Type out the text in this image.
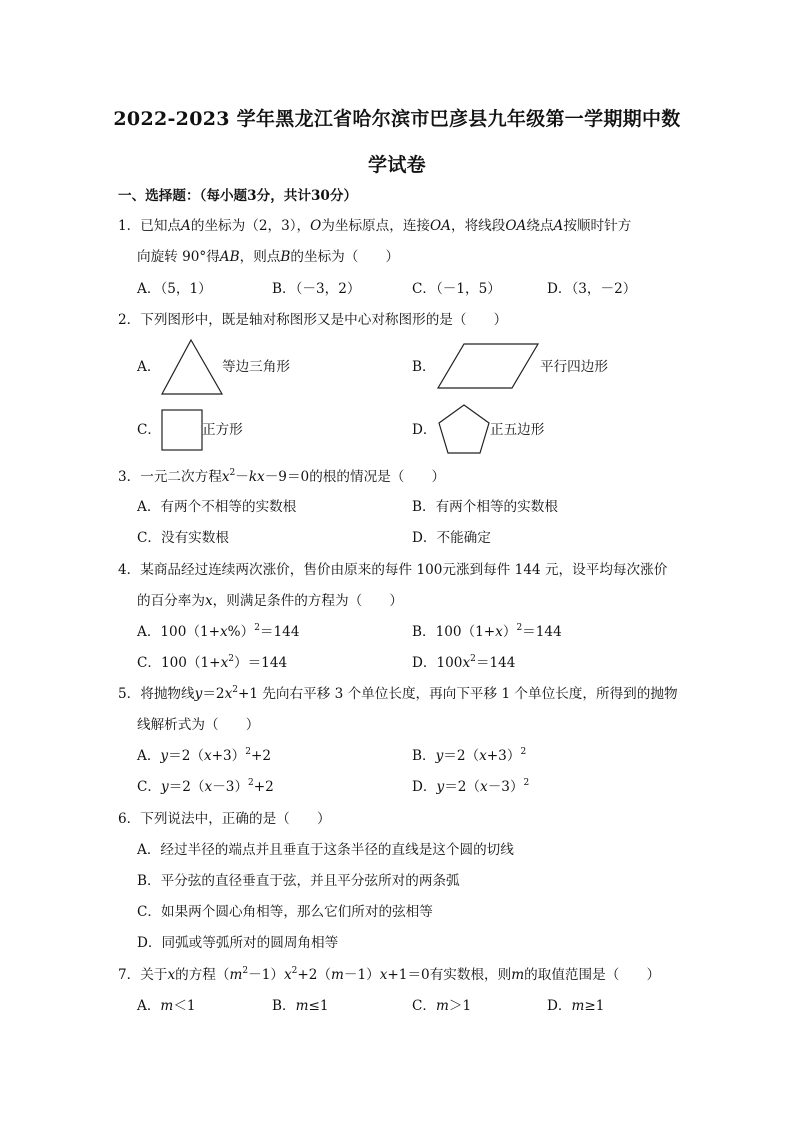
2022-2023 学年黑龙江省哈尔滨市巴彦县九年级第一学期期中数
学试卷
一、选择题：（每小题3分，共计30分）
1．已知点A的坐标为（2，3），O为坐标原点，连接OA，将线段OA绕点A按顺时针方
向旋转 90°得AB，则点B的坐标为（　　）
A．（5，1）	B．（－3，2）	C．（－1，5）	D．（3，－2）
2．下列图形中，既是轴对称图形又是中心对称图形的是（　　）
A．	等边三角形	B．	平行四边形
C．	正方形	D．	正五边形
3．一元二次方程$x^2-kx-9=0$的根的情况是（　　）
A．有两个不相等的实数根	B．有两个相等的实数根
C．没有实数根	D．不能确定
4．某商品经过连续两次涨价，售价由原来的每件 100元涨到每件 144 元，设平均每次涨价
的百分率为x，则满足条件的方程为（　　）
A．$100(1+x\%)^2=144$	B．$100(1+x)^2=144$
C．$100(1+x^2)=144$	D．$100x^2=144$
5．将抛物线$y=2x^2+1$ 先向右平移 3 个单位长度，再向下平移 1 个单位长度，所得到的抛物
线解析式为（　　）
A．$y=2(x+3)^2+2$	B．$y=2(x+3)^2$
C．$y=2(x-3)^2+2$	D．$y=2(x-3)^2$
6．下列说法中，正确的是（　　）
A．经过半径的端点并且垂直于这条半径的直线是这个圆的切线
B．平分弦的直径垂直于弦，并且平分弦所对的两条弧
C．如果两个圆心角相等，那么它们所对的弦相等
D．同弧或等弧所对的圆周角相等
7．关于x的方程$(m^2-1)x^2+2(m-1)x+1=0$有实数根，则m的取值范围是（　　）
A．m＜1	B．m≤1	C．m＞1	D．m≥1
